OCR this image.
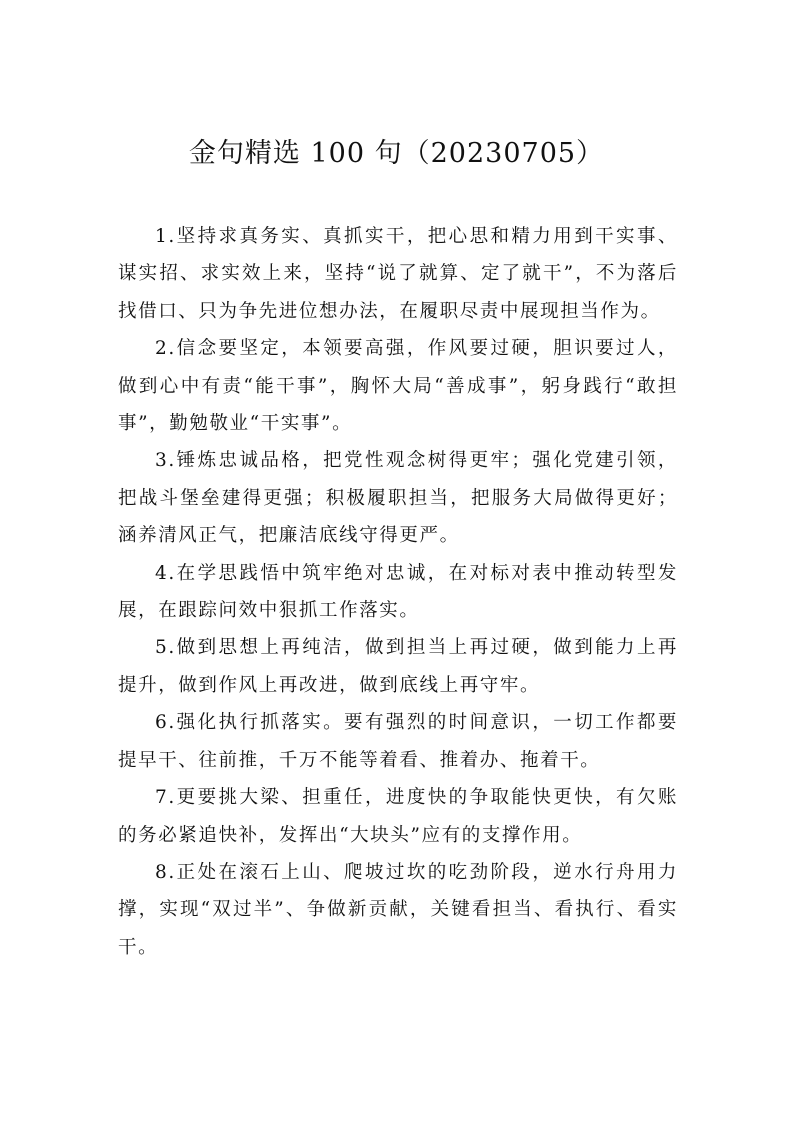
金句精选 100 句（20230705）

1.坚持求真务实、真抓实干，把心思和精力用到干实事、谋实招、求实效上来，坚持“说了就算、定了就干”，不为落后找借口、只为争先进位想办法，在履职尽责中展现担当作为。

2.信念要坚定，本领要高强，作风要过硬，胆识要过人，做到心中有责“能干事”，胸怀大局“善成事”，躬身践行“敢担事”，勤勉敬业“干实事”。

3.锤炼忠诚品格，把党性观念树得更牢；强化党建引领，把战斗堡垒建得更强；积极履职担当，把服务大局做得更好；涵养清风正气，把廉洁底线守得更严。

4.在学思践悟中筑牢绝对忠诚，在对标对表中推动转型发展，在跟踪问效中狠抓工作落实。

5.做到思想上再纯洁，做到担当上再过硬，做到能力上再提升，做到作风上再改进，做到底线上再守牢。

6.强化执行抓落实。要有强烈的时间意识，一切工作都要提早干、往前推，千万不能等着看、推着办、拖着干。

7.更要挑大梁、担重任，进度快的争取能快更快，有欠账的务必紧追快补，发挥出“大块头”应有的支撑作用。

8.正处在滚石上山、爬坡过坎的吃劲阶段，逆水行舟用力撑，实现“双过半”、争做新贡献，关键看担当、看执行、看实干。
